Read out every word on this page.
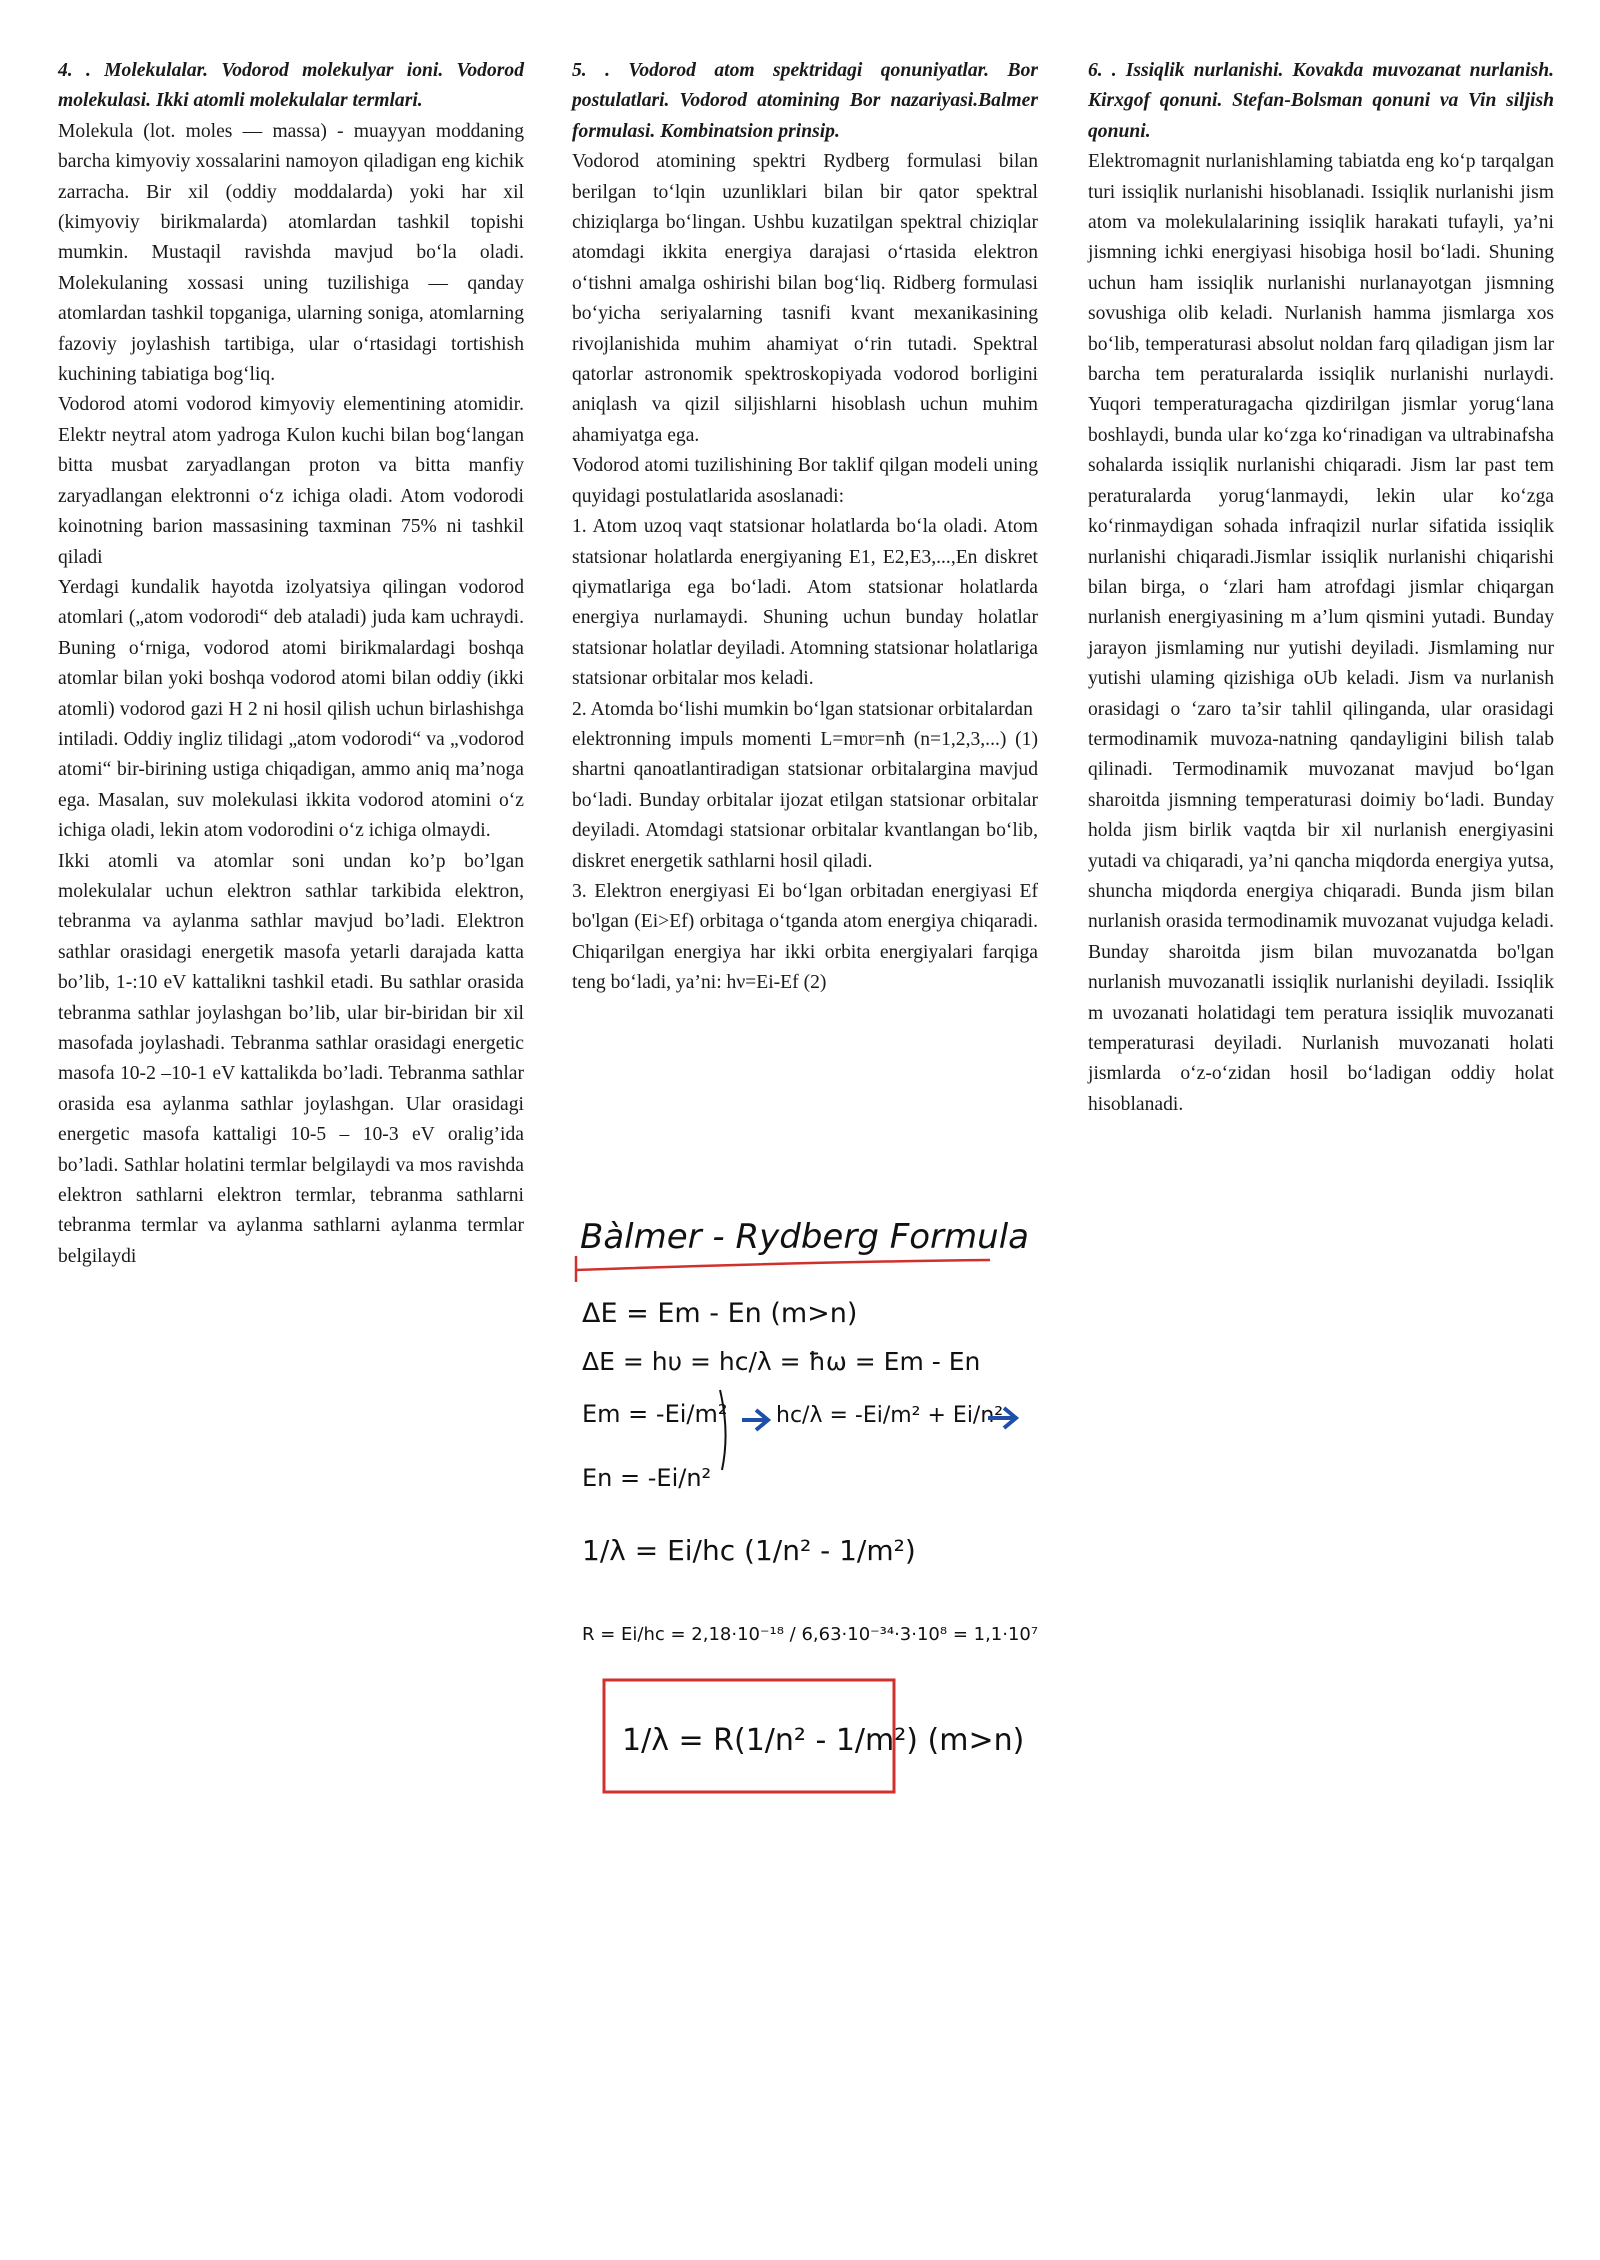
4. . Molekulalar. Vodorod molekulyar ioni. Vodorod molekulasi. Ikki atomli molekulalar termlari.

Molekula (lot. moles — massa) - muayyan moddaning barcha kimyoviy xossalarini namoyon qiladigan eng kichik zarracha. Bir xil (oddiy moddalarda) yoki har xil (kimyoviy birikmalarda) atomlardan tashkil topishi mumkin. Mustaqil ravishda mavjud bo‘la oladi. Molekulaning xossasi uning tuzilishiga — qanday atomlardan tashkil topganiga, ularning soniga, atomlarning fazoviy joylashish tartibiga, ular o‘rtasidagi tortishish kuchining tabiatiga bog‘liq.

Vodorod atomi vodorod kimyoviy elementining atomidir. Elektr neytral atom yadroga Kulon kuchi bilan bog‘langan bitta musbat zaryadlangan proton va bitta manfiy zaryadlangan elektronni o‘z ichiga oladi. Atom vodorodi koinotning barion massasining taxminan 75% ni tashkil qiladi

Yerdagi kundalik hayotda izolyatsiya qilingan vodorod atomlari („atom vodorodi“ deb ataladi) juda kam uchraydi. Buning o‘rniga, vodorod atomi birikmalardagi boshqa atomlar bilan yoki boshqa vodorod atomi bilan oddiy (ikki atomli) vodorod gazi H 2 ni hosil qilish uchun birlashishga intiladi. Oddiy ingliz tilidagi „atom vodorodi“ va „vodorod atomi“ bir-birining ustiga chiqadigan, ammo aniq ma’noga ega. Masalan, suv molekulasi ikkita vodorod atomini o‘z ichiga oladi, lekin atom vodorodini o‘z ichiga olmaydi.

Ikki atomli va atomlar soni undan ko’p bo’lgan molekulalar uchun elektron sathlar tarkibida elektron, tebranma va aylanma sathlar mavjud bo’ladi. Elektron sathlar orasidagi energetik masofa yetarli darajada katta bo’lib, 1-:10 eV kattalikni tashkil etadi. Bu sathlar orasida tebranma sathlar joylashgan bo’lib, ular bir-biridan bir xil masofada joylashadi. Tebranma sathlar orasidagi energetic masofa 10-2 –10-1 eV kattalikda bo’ladi. Tebranma sathlar orasida esa aylanma sathlar joylashgan. Ular orasidagi energetic masofa kattaligi 10-5 – 10-3 eV oralig’ida bo’ladi. Sathlar holatini termlar belgilaydi va mos ravishda elektron sathlarni elektron termlar, tebranma sathlarni tebranma termlar va aylanma sathlarni aylanma termlar belgilaydi

5. . Vodorod atom spektridagi qonuniyatlar. Bor postulatlari. Vodorod atomining Bor nazariyasi.Balmer formulasi. Kombinatsion prinsip.

Vodorod atomining spektri Rydberg formulasi bilan berilgan to‘lqin uzunliklari bilan bir qator spektral chiziqlarga bo‘lingan. Ushbu kuzatilgan spektral chiziqlar atomdagi ikkita energiya darajasi o‘rtasida elektron o‘tishni amalga oshirishi bilan bog‘liq. Ridberg formulasi bo‘yicha seriyalarning tasnifi kvant mexanikasining rivojlanishida muhim ahamiyat o‘rin tutadi. Spektral qatorlar astronomik spektroskopiyada vodorod borligini aniqlash va qizil siljishlarni hisoblash uchun muhim ahamiyatga ega.

Vodorod atomi tuzilishining Bor taklif qilgan modeli uning quyidagi postulatlarida asoslanadi:

1. Atom uzoq vaqt statsionar holatlarda bo‘la oladi. Atom statsionar holatlarda energiyaning E1, E2,E3,...,En diskret qiymatlariga ega bo‘ladi. Atom statsionar holatlarda energiya nurlamaydi. Shuning uchun bunday holatlar statsionar holatlar deyiladi. Atomning statsionar holatlariga statsionar orbitalar mos keladi.

2. Atomda bo‘lishi mumkin bo‘lgan statsionar orbitalardan

elektronning impuls momenti L=mʋr=nħ (n=1,2,3,...) (1) shartni qanoatlantiradigan statsionar orbitalargina mavjud bo‘ladi. Bunday orbitalar ijozat etilgan statsionar orbitalar deyiladi. Atomdagi statsionar orbitalar kvantlangan bo‘lib, diskret energetik sathlarni hosil qiladi.

3. Elektron energiyasi Ei bo‘lgan orbitadan energiyasi Ef bo'lgan (Ei>Ef) orbitaga o‘tganda atom energiya chiqaradi. Chiqarilgan energiya har ikki orbita energiyalari farqiga teng bo‘ladi, ya’ni: hν=Ei-Ef (2)

6. . Issiqlik nurlanishi. Kovakda muvozanat nurlanish. Kirxgof qonuni. Stefan-Bolsman qonuni va Vin siljish qonuni.

Elektromagnit nurlanishlaming tabiatda eng ko‘p tarqalgan turi issiqlik nurlanishi hisoblanadi. Issiqlik nurlanishi jism atom va molekulalarining issiqlik harakati tufayli, ya’ni jismning ichki energiyasi hisobiga hosil bo‘ladi. Shuning uchun ham issiqlik nurlanishi nurlanayotgan jismning sovushiga olib keladi. Nurlanish hamma jismlarga xos bo‘lib, temperaturasi absolut noldan farq qiladigan jism lar barcha tem peraturalarda issiqlik nurlanishi nurlaydi. Yuqori temperaturagacha qizdirilgan jismlar yorug‘lana boshlaydi, bunda ular ko‘zga ko‘rinadigan va ultrabinafsha sohalarda issiqlik nurlanishi chiqaradi. Jism lar past tem peraturalarda yorug‘lanmaydi, lekin ular ko‘zga ko‘rinmaydigan sohada infraqizil nurlar sifatida issiqlik nurlanishi chiqaradi.Jismlar issiqlik nurlanishi chiqarishi bilan birga, o ‘zlari ham atrofdagi jismlar chiqargan nurlanish energiyasining m a’lum qismini yutadi. Bunday jarayon jismlaming nur yutishi deyiladi. Jismlaming nur yutishi ulaming qizishiga oUb keladi. Jism va nurlanish orasidagi o ‘zaro ta’sir tahlil qilinganda, ular orasidagi termodinamik muvoza-natning qandayligini bilish talab qilinadi. Termodinamik muvozanat mavjud bo‘lgan sharoitda jismning temperaturasi doimiy bo‘ladi. Bunday holda jism birlik vaqtda bir xil nurlanish energiyasini yutadi va chiqaradi, ya’ni qancha miqdorda energiya yutsa, shuncha miqdorda energiya chiqaradi. Bunda jism bilan nurlanish orasida termodinamik muvozanat vujudga keladi. Bunday sharoitda jism bilan muvozanatda bo'lgan nurlanish muvozanatli issiqlik nurlanishi deyiladi. Issiqlik m uvozanati holatidagi tem peratura issiqlik muvozanati temperaturasi deyiladi. Nurlanish muvozanati holati jismlarda o‘z-o‘zidan hosil bo‘ladigan oddiy holat hisoblanadi.

Bàlmer - Rydberg Formula
ΔE = Em - En (m>n)
ΔE = hυ = hc/λ = ħω = Em - En
Em = -Ei/m² hc/λ = -Ei/m² + Ei/n²
En = -Ei/n²
1/λ = Ei/hc (1/n² - 1/m²)
R = Ei/hc = 2,18·10⁻¹⁸ / 6,63·10⁻³⁴·3·10⁸ = 1,1·10⁷ m⁻¹
1/λ = R(1/n² - 1/m²) (m>n)
